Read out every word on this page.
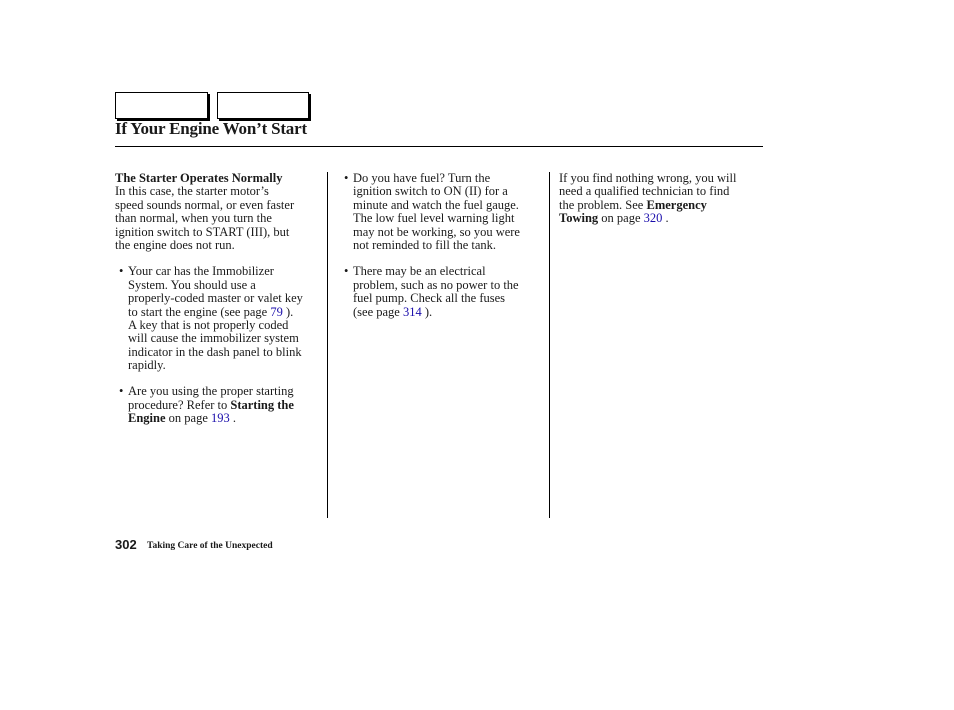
If Your Engine Won’t Start
The Starter Operates Normally
In this case, the starter motor’s
speed sounds normal, or even faster
than normal, when you turn the
ignition switch to START (III), but
the engine does not run.
• Your car has the Immobilizer
System. You should use a
properly-coded master or valet key
to start the engine (see page 79 ).
A key that is not properly coded
will cause the immobilizer system
indicator in the dash panel to blink
rapidly.
• Are you using the proper starting
procedure? Refer to Starting the
Engine on page 193 .
• Do you have fuel? Turn the
ignition switch to ON (II) for a
minute and watch the fuel gauge.
The low fuel level warning light
may not be working, so you were
not reminded to fill the tank.
• There may be an electrical
problem, such as no power to the
fuel pump. Check all the fuses
(see page 314 ).
If you find nothing wrong, you will
need a qualified technician to find
the problem. See Emergency
Towing on page 320 .
302 Taking Care of the Unexpected
